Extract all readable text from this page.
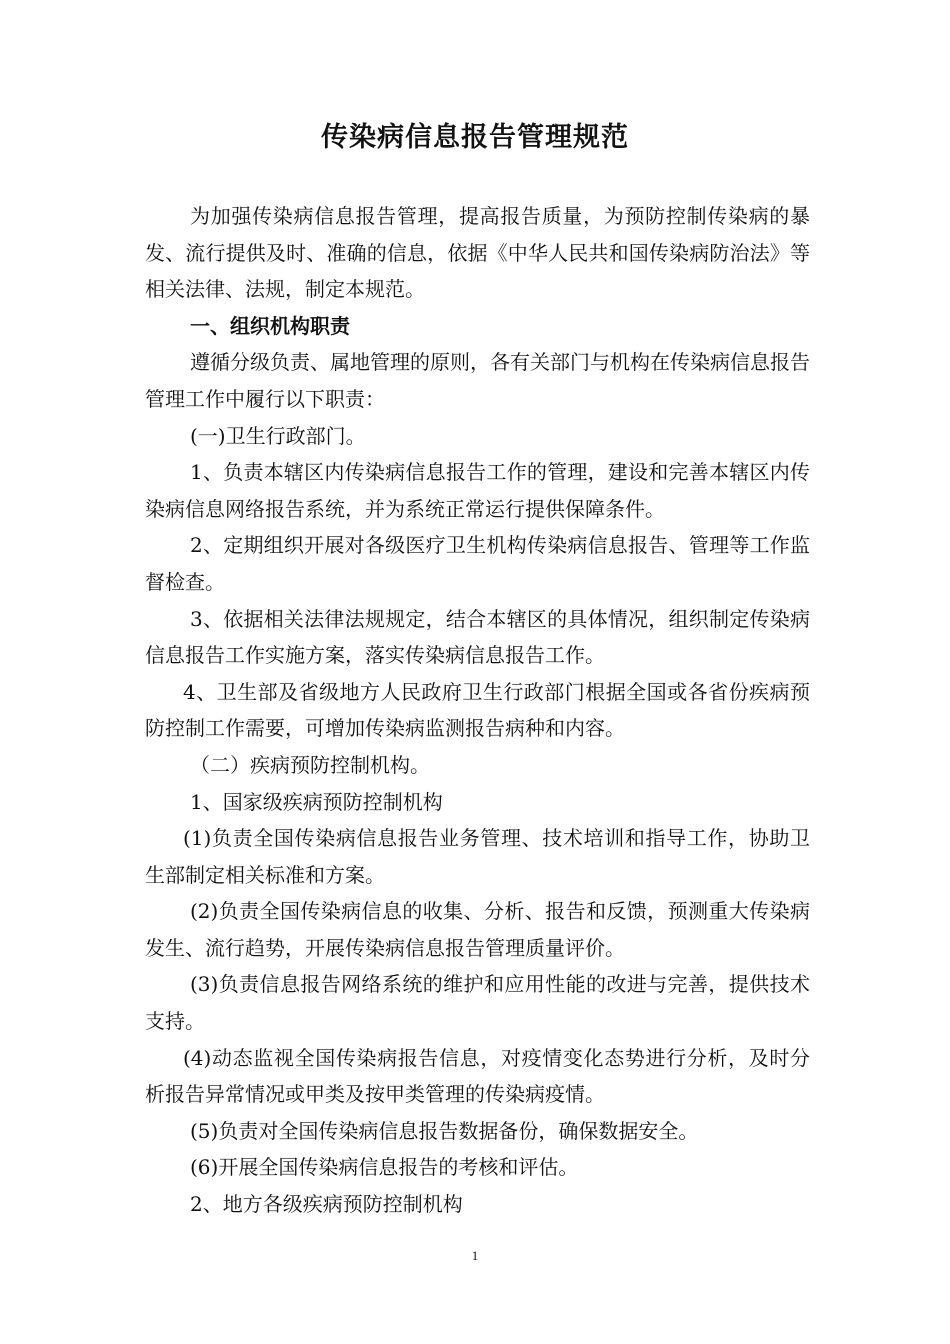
传染病信息报告管理规范

为加强传染病信息报告管理，提高报告质量，为预防控制传染病的暴发、流行提供及时、准确的信息，依据《中华人民共和国传染病防治法》等相关法律、法规，制定本规范。

一、组织机构职责

遵循分级负责、属地管理的原则，各有关部门与机构在传染病信息报告管理工作中履行以下职责：

(一)卫生行政部门。

1、负责本辖区内传染病信息报告工作的管理，建设和完善本辖区内传染病信息网络报告系统，并为系统正常运行提供保障条件。

2、定期组织开展对各级医疗卫生机构传染病信息报告、管理等工作监督检查。

3、依据相关法律法规规定，结合本辖区的具体情况，组织制定传染病信息报告工作实施方案，落实传染病信息报告工作。

4、卫生部及省级地方人民政府卫生行政部门根据全国或各省份疾病预防控制工作需要，可增加传染病监测报告病种和内容。

（二）疾病预防控制机构。

1、国家级疾病预防控制机构

(1)负责全国传染病信息报告业务管理、技术培训和指导工作，协助卫生部制定相关标准和方案。

(2)负责全国传染病信息的收集、分析、报告和反馈，预测重大传染病发生、流行趋势，开展传染病信息报告管理质量评价。

(3)负责信息报告网络系统的维护和应用性能的改进与完善，提供技术支持。

(4)动态监视全国传染病报告信息，对疫情变化态势进行分析，及时分析报告异常情况或甲类及按甲类管理的传染病疫情。

(5)负责对全国传染病信息报告数据备份，确保数据安全。

(6)开展全国传染病信息报告的考核和评估。

2、地方各级疾病预防控制机构

1
